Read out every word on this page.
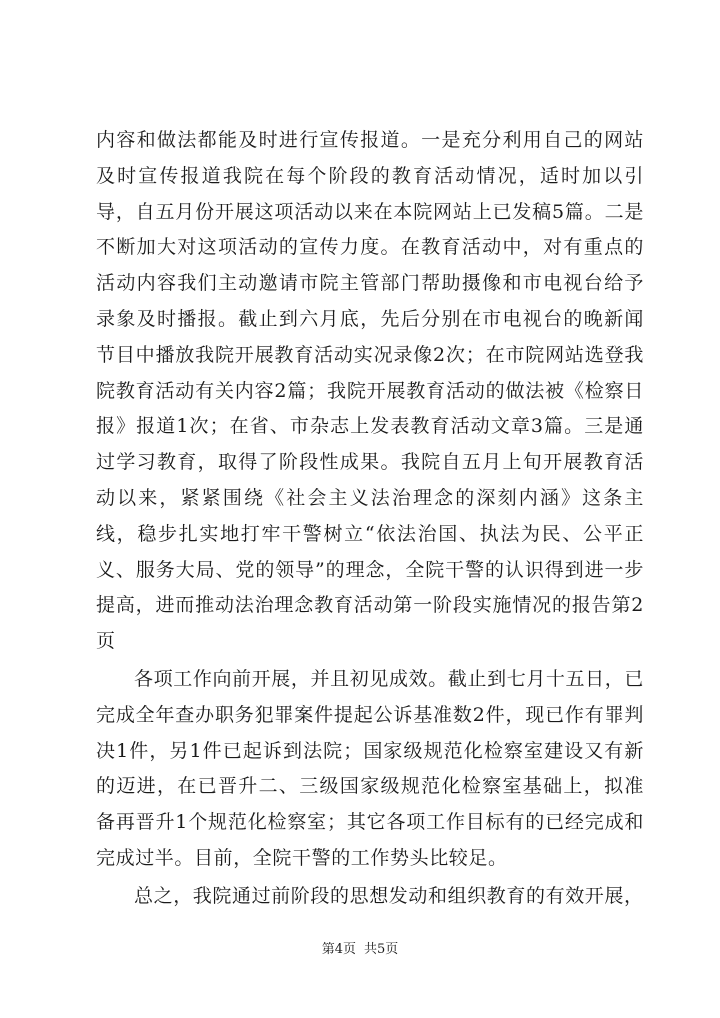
内容和做法都能及时进行宣传报道。一是充分利用自己的网站及时宣传报道我院在每个阶段的教育活动情况，适时加以引导，自五月份开展这项活动以来在本院网站上已发稿5篇。二是不断加大对这项活动的宣传力度。在教育活动中，对有重点的活动内容我们主动邀请市院主管部门帮助摄像和市电视台给予录象及时播报。截止到六月底，先后分别在市电视台的晚新闻节目中播放我院开展教育活动实况录像2次；在市院网站选登我院教育活动有关内容2篇；我院开展教育活动的做法被《检察日报》报道1次；在省、市杂志上发表教育活动文章3篇。三是通过学习教育，取得了阶段性成果。我院自五月上旬开展教育活动以来，紧紧围绕《社会主义法治理念的深刻内涵》这条主线，稳步扎实地打牢干警树立“依法治国、执法为民、公平正义、服务大局、党的领导”的理念，全院干警的认识得到进一步提高，进而推动法治理念教育活动第一阶段实施情况的报告第2页

各项工作向前开展，并且初见成效。截止到七月十五日，已完成全年查办职务犯罪案件提起公诉基准数2件，现已作有罪判决1件，另1件已起诉到法院；国家级规范化检察室建设又有新的迈进，在已晋升二、三级国家级规范化检察室基础上，拟准备再晋升1个规范化检察室；其它各项工作目标有的已经完成和完成过半。目前，全院干警的工作势头比较足。

总之，我院通过前阶段的思想发动和组织教育的有效开展，

第4页 共5页
